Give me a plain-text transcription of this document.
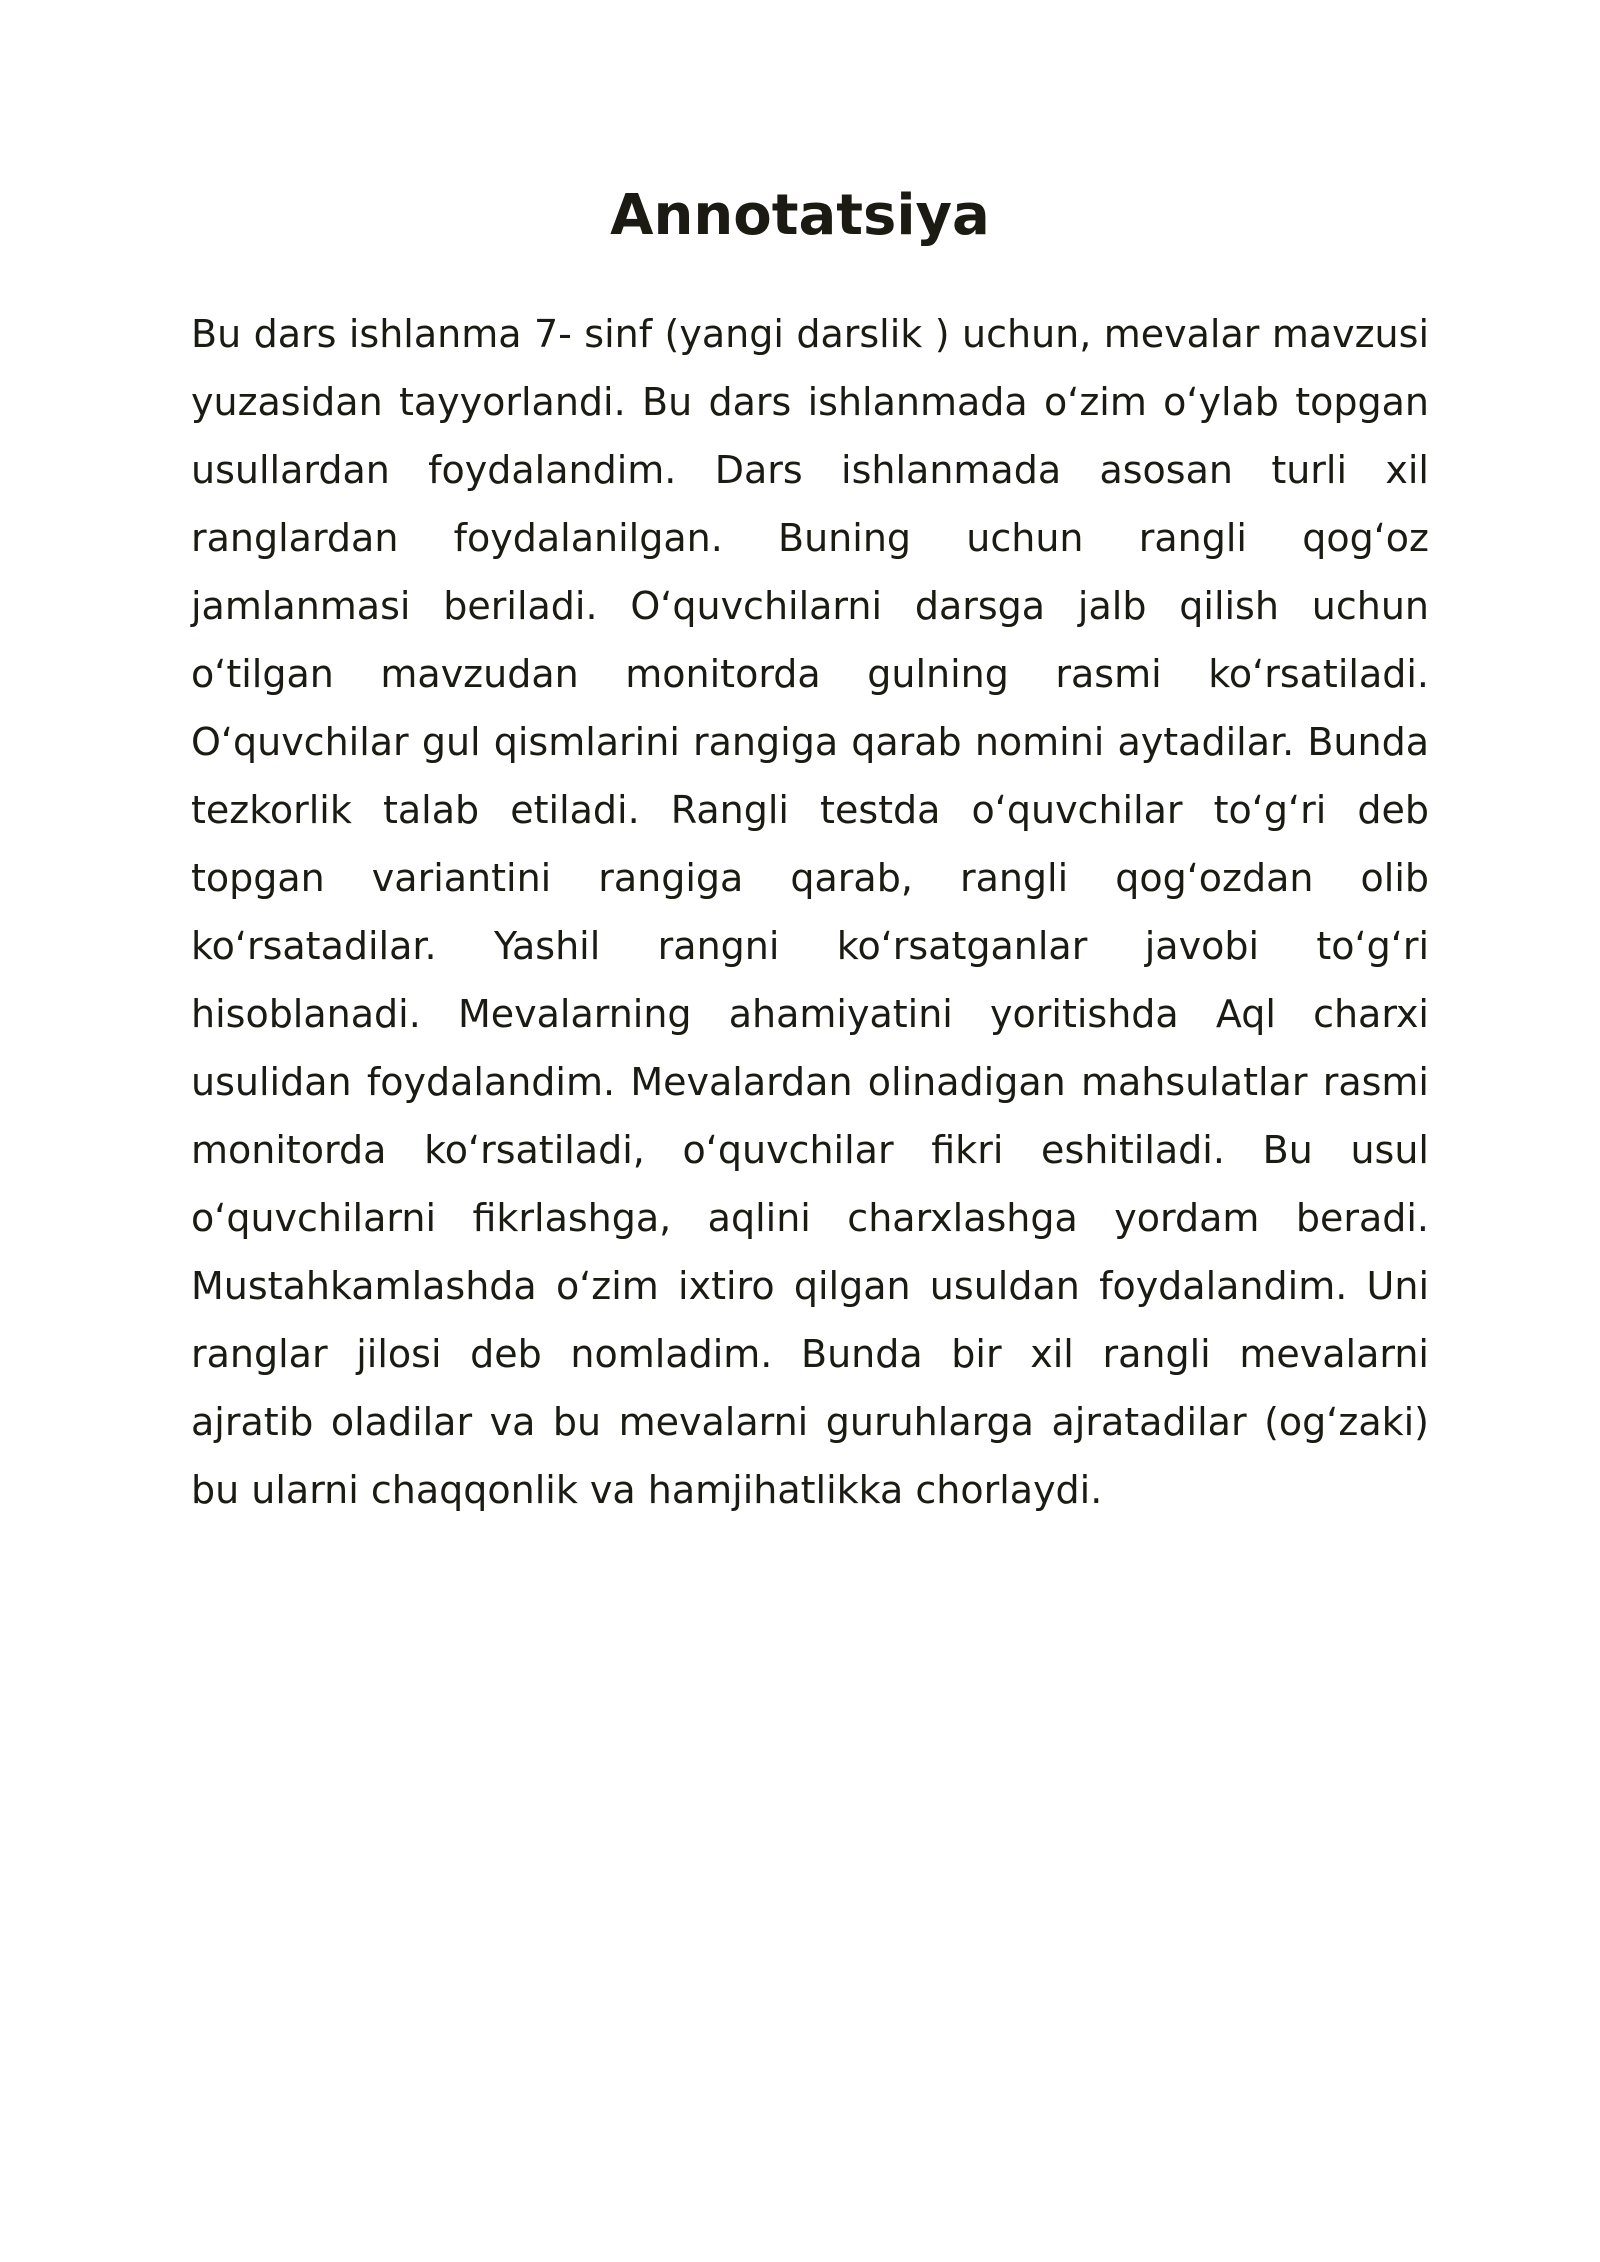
Annotatsiya

Bu dars ishlanma 7- sinf (yangi darslik ) uchun, mevalar mavzusi yuzasidan tayyorlandi. Bu dars ishlanmada o‘zim o‘ylab topgan usullardan foydalandim. Dars ishlanmada asosan turli xil ranglardan foydalanilgan. Buning uchun rangli qog‘oz jamlanmasi beriladi. O‘quvchilarni darsga jalb qilish uchun o‘tilgan mavzudan monitorda gulning rasmi ko‘rsatiladi. O‘quvchilar gul qismlarini rangiga qarab nomini aytadilar. Bunda tezkorlik talab etiladi. Rangli testda o‘quvchilar to‘g‘ri deb topgan variantini rangiga qarab, rangli qog‘ozdan olib ko‘rsatadilar. Yashil rangni ko‘rsatganlar javobi to‘g‘ri hisoblanadi. Mevalarning ahamiyatini yoritishda Aql charxi usulidan foydalandim. Mevalardan olinadigan mahsulatlar rasmi monitorda ko‘rsatiladi, o‘quvchilar fikri eshitiladi. Bu usul o‘quvchilarni fikrlashga, aqlini charxlashga yordam beradi. Mustahkamlashda o‘zim ixtiro qilgan usuldan foydalandim. Uni ranglar jilosi deb nomladim. Bunda bir xil rangli mevalarni ajratib oladilar va bu mevalarni guruhlarga ajratadilar (og‘zaki) bu ularni chaqqonlik va hamjihatlikka chorlaydi.
